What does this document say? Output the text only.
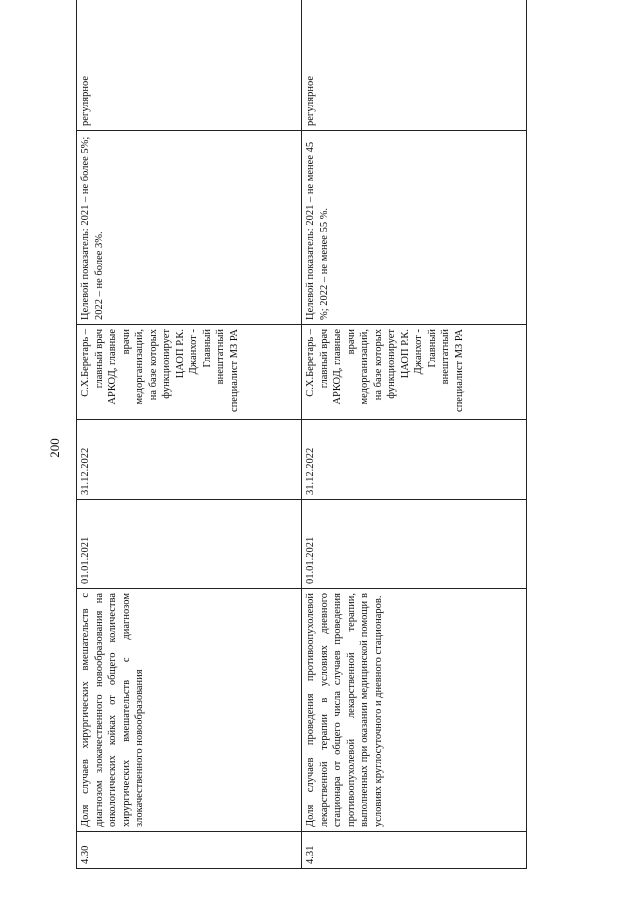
200
4.30	Доля случаев хирургических вмешательств с диагнозом злокачественного новообразования на онкологических койках от общего количества хирургических вмешательств с диагнозом злокачественного новообразования	01.01.2021	31.12.2022	С.Х.Беретарь – главный врач АРКОД, главные врачи медорганизаций, на базе которых функционирует ЦАОП Р.К. Джанхот - Главный внештатный специалист МЗ РА	Целевой показатель: 2021 – не более 5%; 2022 – не более 3%.	регулярное
4.31	Доля случаев проведения противоопухолевой лекарственной терапии в условиях дневного стационара от общего числа случаев проведения противоопухолевой лекарственной терапии, выполненных при оказании медицинской помощи в условиях круглосуточного и дневного стационаров.	01.01.2021	31.12.2022	С.Х.Беретарь – главный врач АРКОД, главные врачи медорганизаций, на базе которых функционирует ЦАОП Р.К. Джанхот - Главный внештатный специалист МЗ РА	Целевой показатель: 2021 – не менее 45 %; 2022 – не менее 55 %.	регулярное
